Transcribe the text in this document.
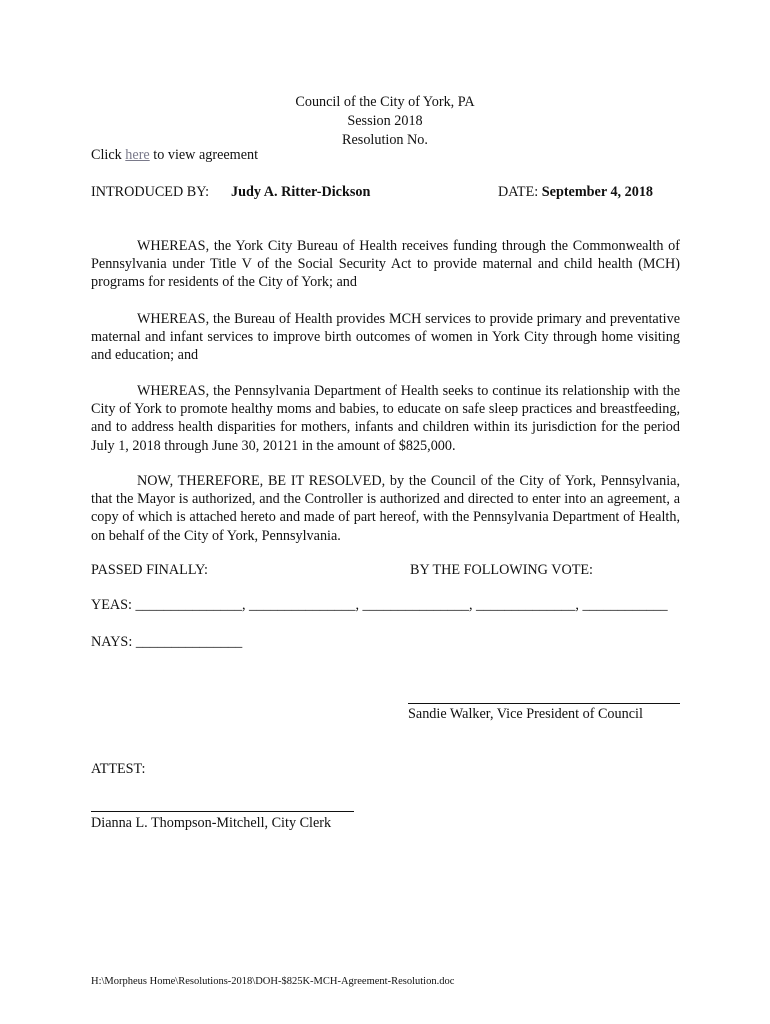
Council of the City of York, PA
Session 2018
Resolution No.
Click here to view agreement
INTRODUCED BY: Judy A. Ritter-Dickson	DATE: September 4, 2018
WHEREAS, the York City Bureau of Health receives funding through the Commonwealth of Pennsylvania under Title V of the Social Security Act to provide maternal and child health (MCH) programs for residents of the City of York; and
WHEREAS, the Bureau of Health provides MCH services to provide primary and preventative maternal and infant services to improve birth outcomes of women in York City through home visiting and education; and
WHEREAS, the Pennsylvania Department of Health seeks to continue its relationship with the City of York to promote healthy moms and babies, to educate on safe sleep practices and breastfeeding, and to address health disparities for mothers, infants and children within its jurisdiction for the period July 1, 2018 through June 30, 20121 in the amount of $825,000.
NOW, THEREFORE, BE IT RESOLVED, by the Council of the City of York, Pennsylvania, that the Mayor is authorized, and the Controller is authorized and directed to enter into an agreement, a copy of which is attached hereto and made of part hereof, with the Pennsylvania Department of Health, on behalf of the City of York, Pennsylvania.
PASSED FINALLY:	BY THE FOLLOWING VOTE:
YEAS: _______________, _______________, _______________, ______________, ____________
NAYS: _______________
Sandie Walker, Vice President of Council
ATTEST:
Dianna L. Thompson-Mitchell, City Clerk
H:\Morpheus Home\Resolutions-2018\DOH-$825K-MCH-Agreement-Resolution.doc
